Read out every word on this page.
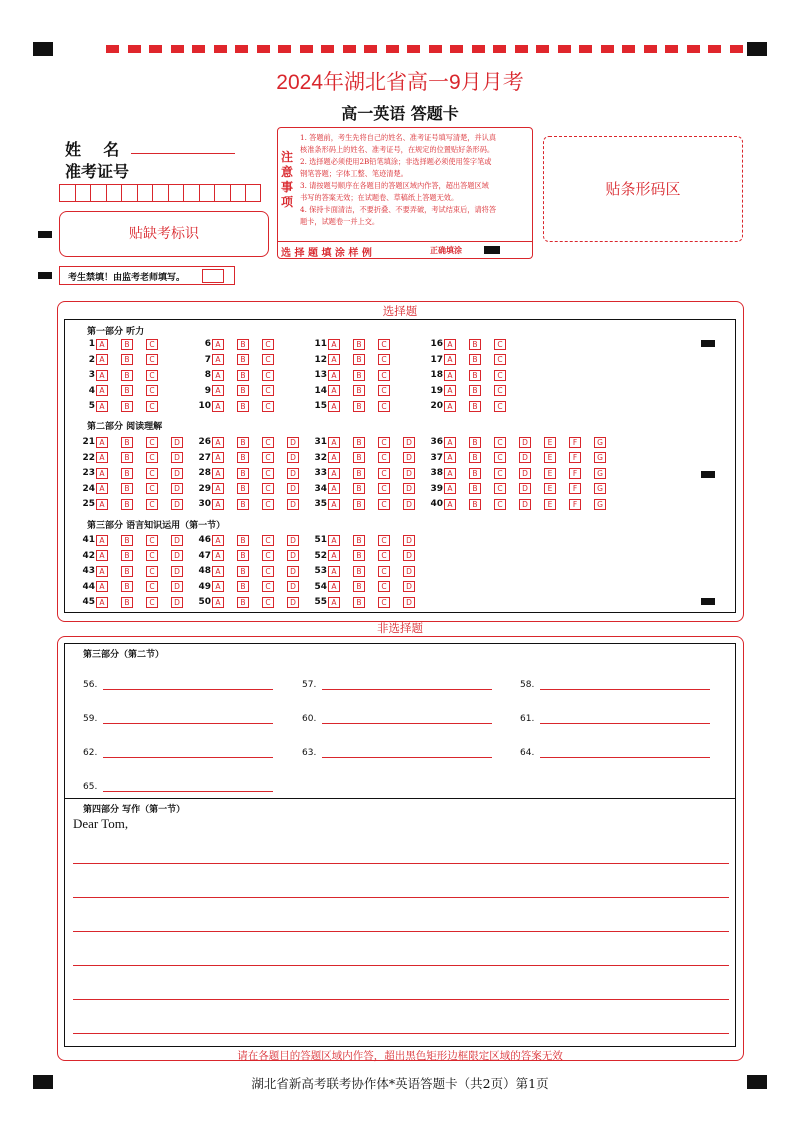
2024年湖北省高一9月月考
高一英语 答题卡
姓    名
准考证号
贴缺考标识
考生禁填！由监考老师填写。
注意事项
1. 答题前，考生先将自己的姓名、准考证号填写清楚，并认真
核准条形码上的姓名、准考证号，在规定的位置贴好条形码。
2. 选择题必须使用2B铅笔填涂；非选择题必须使用签字笔或
钢笔答题；字体工整、笔迹清楚。
3. 请按题号顺序在各题目的答题区域内作答，超出答题区域
书写的答案无效；在试题卷、草稿纸上答题无效。
4. 保持卡面清洁，不要折叠、不要弄破，考试结束后，请将答
题卡，试题卷一并上交。
选 择 题 填 涂 样 例	正确填涂
贴条形码区
选择题
第一部分 听力
第二部分 阅读理解
第三部分 语言知识运用（第一节）
1 A	B	C
2 A	B	C
3 A	B	C
4 A	B	C
5 A	B	C
6 A	B	C
7 A	B	C
8 A	B	C
9 A	B	C
10 A	B	C
11 A	B	C
12 A	B	C
13 A	B	C
14 A	B	C
15 A	B	C
16 A	B	C
17 A	B	C
18 A	B	C
19 A	B	C
20 A	B	C
21 A	B	C	D
22 A	B	C	D
23 A	B	C	D
24 A	B	C	D
25 A	B	C	D
26 A	B	C	D
27 A	B	C	D
28 A	B	C	D
29 A	B	C	D
30 A	B	C	D
31 A	B	C	D
32 A	B	C	D
33 A	B	C	D
34 A	B	C	D
35 A	B	C	D
36 A	B	C	D	E	F	G
37 A	B	C	D	E	F	G
38 A	B	C	D	E	F	G
39 A	B	C	D	E	F	G
40 A	B	C	D	E	F	G
41 A	B	C	D
42 A	B	C	D
43 A	B	C	D
44 A	B	C	D
45 A	B	C	D
46 A	B	C	D
47 A	B	C	D
48 A	B	C	D
49 A	B	C	D
50 A	B	C	D
51 A	B	C	D
52 A	B	C	D
53 A	B	C	D
54 A	B	C	D
55 A	B	C	D
非选择题
第三部分（第二节）
第四部分 写作（第一节）
Dear Tom,
56.	57.	58.
59.	60.	61.
62.	63.	64.
65.
请在各题目的答题区域内作答，超出黑色矩形边框限定区域的答案无效
湖北省新高考联考协作体*英语答题卡（共2页）第1页
